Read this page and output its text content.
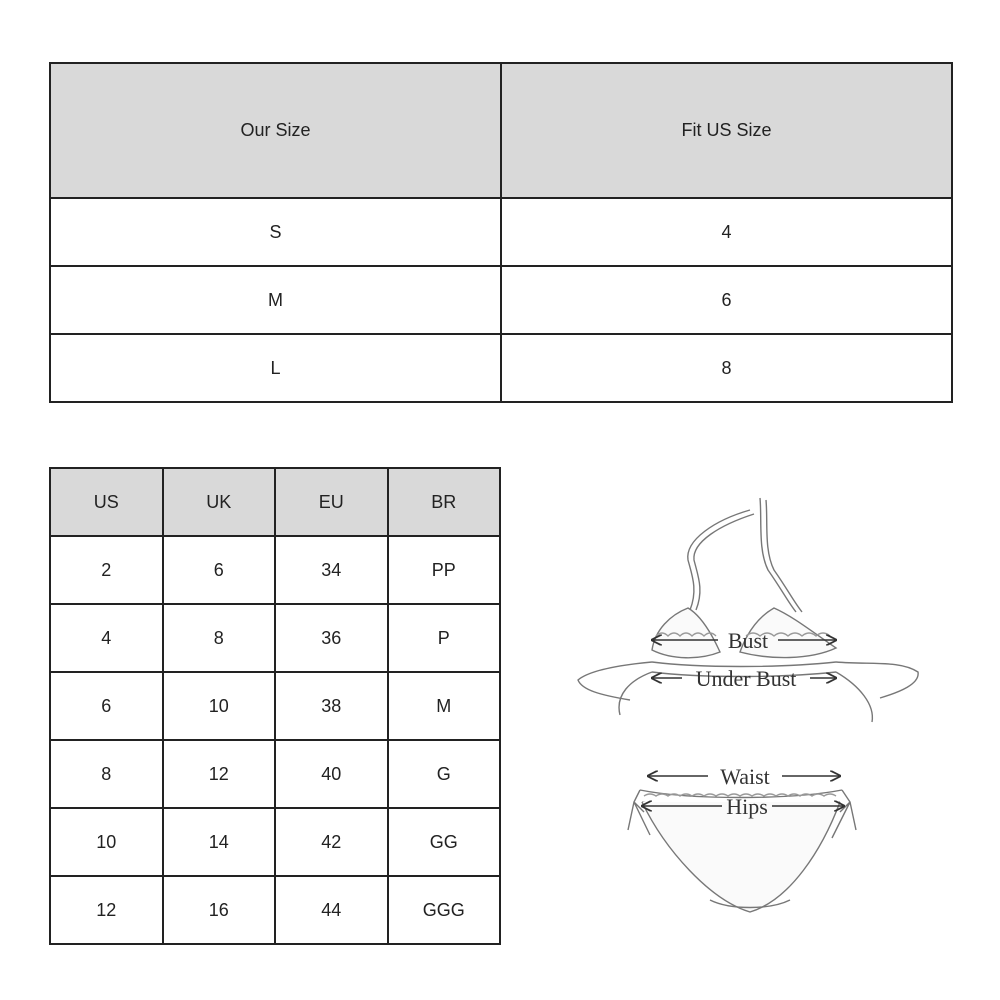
Our Size	Fit US Size
S	4
M	6
L	8
US	UK	EU	BR
2	6	34	PP
4	8	36	P
6	10	38	M
8	12	40	G
10	14	42	GG
12	16	44	GGG
Bust
Under Bust
Waist
Hips
